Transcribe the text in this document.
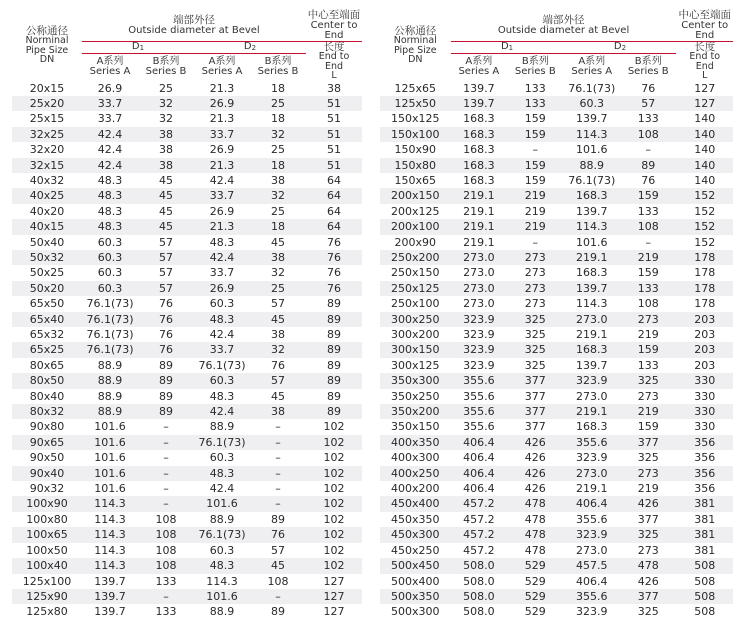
公称通径
Norminal
Pipe Size
DN	端部外径
Outside diameter at Bevel				中心至端面
Center to End

	D1		D2		长度
End to
End
L

	A系列
Series A	B系列
Series B	A系列
Series A	B系列
Series B	

20x15	26.9	25	21.3	18	38
25x20	33.7	32	26.9	25	51
25x15	33.7	32	21.3	18	51
32x25	42.4	38	33.7	32	51
32x20	42.4	38	26.9	25	51
32x15	42.4	38	21.3	18	51
40x32	48.3	45	42.4	38	64
40x25	48.3	45	33.7	32	64
40x20	48.3	45	26.9	25	64
40x15	48.3	45	21.3	18	64
50x40	60.3	57	48.3	45	76
50x32	60.3	57	42.4	38	76
50x25	60.3	57	33.7	32	76
50x20	60.3	57	26.9	25	76
65x50	76.1(73)	76	60.3	57	89
65x40	76.1(73)	76	48.3	45	89
65x32	76.1(73)	76	42.4	38	89
65x25	76.1(73)	76	33.7	32	89
80x65	88.9	89	76.1(73)	76	89
80x50	88.9	89	60.3	57	89
80x40	88.9	89	48.3	45	89
80x32	88.9	89	42.4	38	89
90x80	101.6	–	88.9	–	102
90x65	101.6	–	76.1(73)	–	102
90x50	101.6	–	60.3	–	102
90x40	101.6	–	48.3	–	102
90x32	101.6	–	42.4	–	102
100x90	114.3	–	101.6	–	102
100x80	114.3	108	88.9	89	102
100x65	114.3	108	76.1(73)	76	102
100x50	114.3	108	60.3	57	102
100x40	114.3	108	48.3	45	102
125x100	139.7	133	114.3	108	127
125x90	139.7	–	101.6	–	127
125x80	139.7	133	88.9	89	127
公称通径
Norminal
Pipe Size
DN	端部外径
Outside diameter at Bevel				中心至端面
Center to End

	D1		D2		长度
End to
End
L

	A系列
Series A	B系列
Series B	A系列
Series A	B系列
Series B	

125x65	139.7	133	76.1(73)	76	127
125x50	139.7	133	60.3	57	127
150x125	168.3	159	139.7	133	140
150x100	168.3	159	114.3	108	140
150x90	168.3	–	101.6	–	140
150x80	168.3	159	88.9	89	140
150x65	168.3	159	76.1(73)	76	140
200x150	219.1	219	168.3	159	152
200x125	219.1	219	139.7	133	152
200x100	219.1	219	114.3	108	152
200x90	219.1	–	101.6	–	152
250x200	273.0	273	219.1	219	178
250x150	273.0	273	168.3	159	178
250x125	273.0	273	139.7	133	178
250x100	273.0	273	114.3	108	178
300x250	323.9	325	273.0	273	203
300x200	323.9	325	219.1	219	203
300x150	323.9	325	168.3	159	203
300x125	323.9	325	139.7	133	203
350x300	355.6	377	323.9	325	330
350x250	355.6	377	273.0	273	330
350x200	355.6	377	219.1	219	330
350x150	355.6	377	168.3	159	330
400x350	406.4	426	355.6	377	356
400x300	406.4	426	323.9	325	356
400x250	406.4	426	273.0	273	356
400x200	406.4	426	219.1	219	356
450x400	457.2	478	406.4	426	381
450x350	457.2	478	355.6	377	381
450x300	457.2	478	323.9	325	381
450x250	457.2	478	273.0	273	381
500x450	508.0	529	457.5	478	508
500x400	508.0	529	406.4	426	508
500x350	508.0	529	355.6	377	508
500x300	508.0	529	323.9	325	508
